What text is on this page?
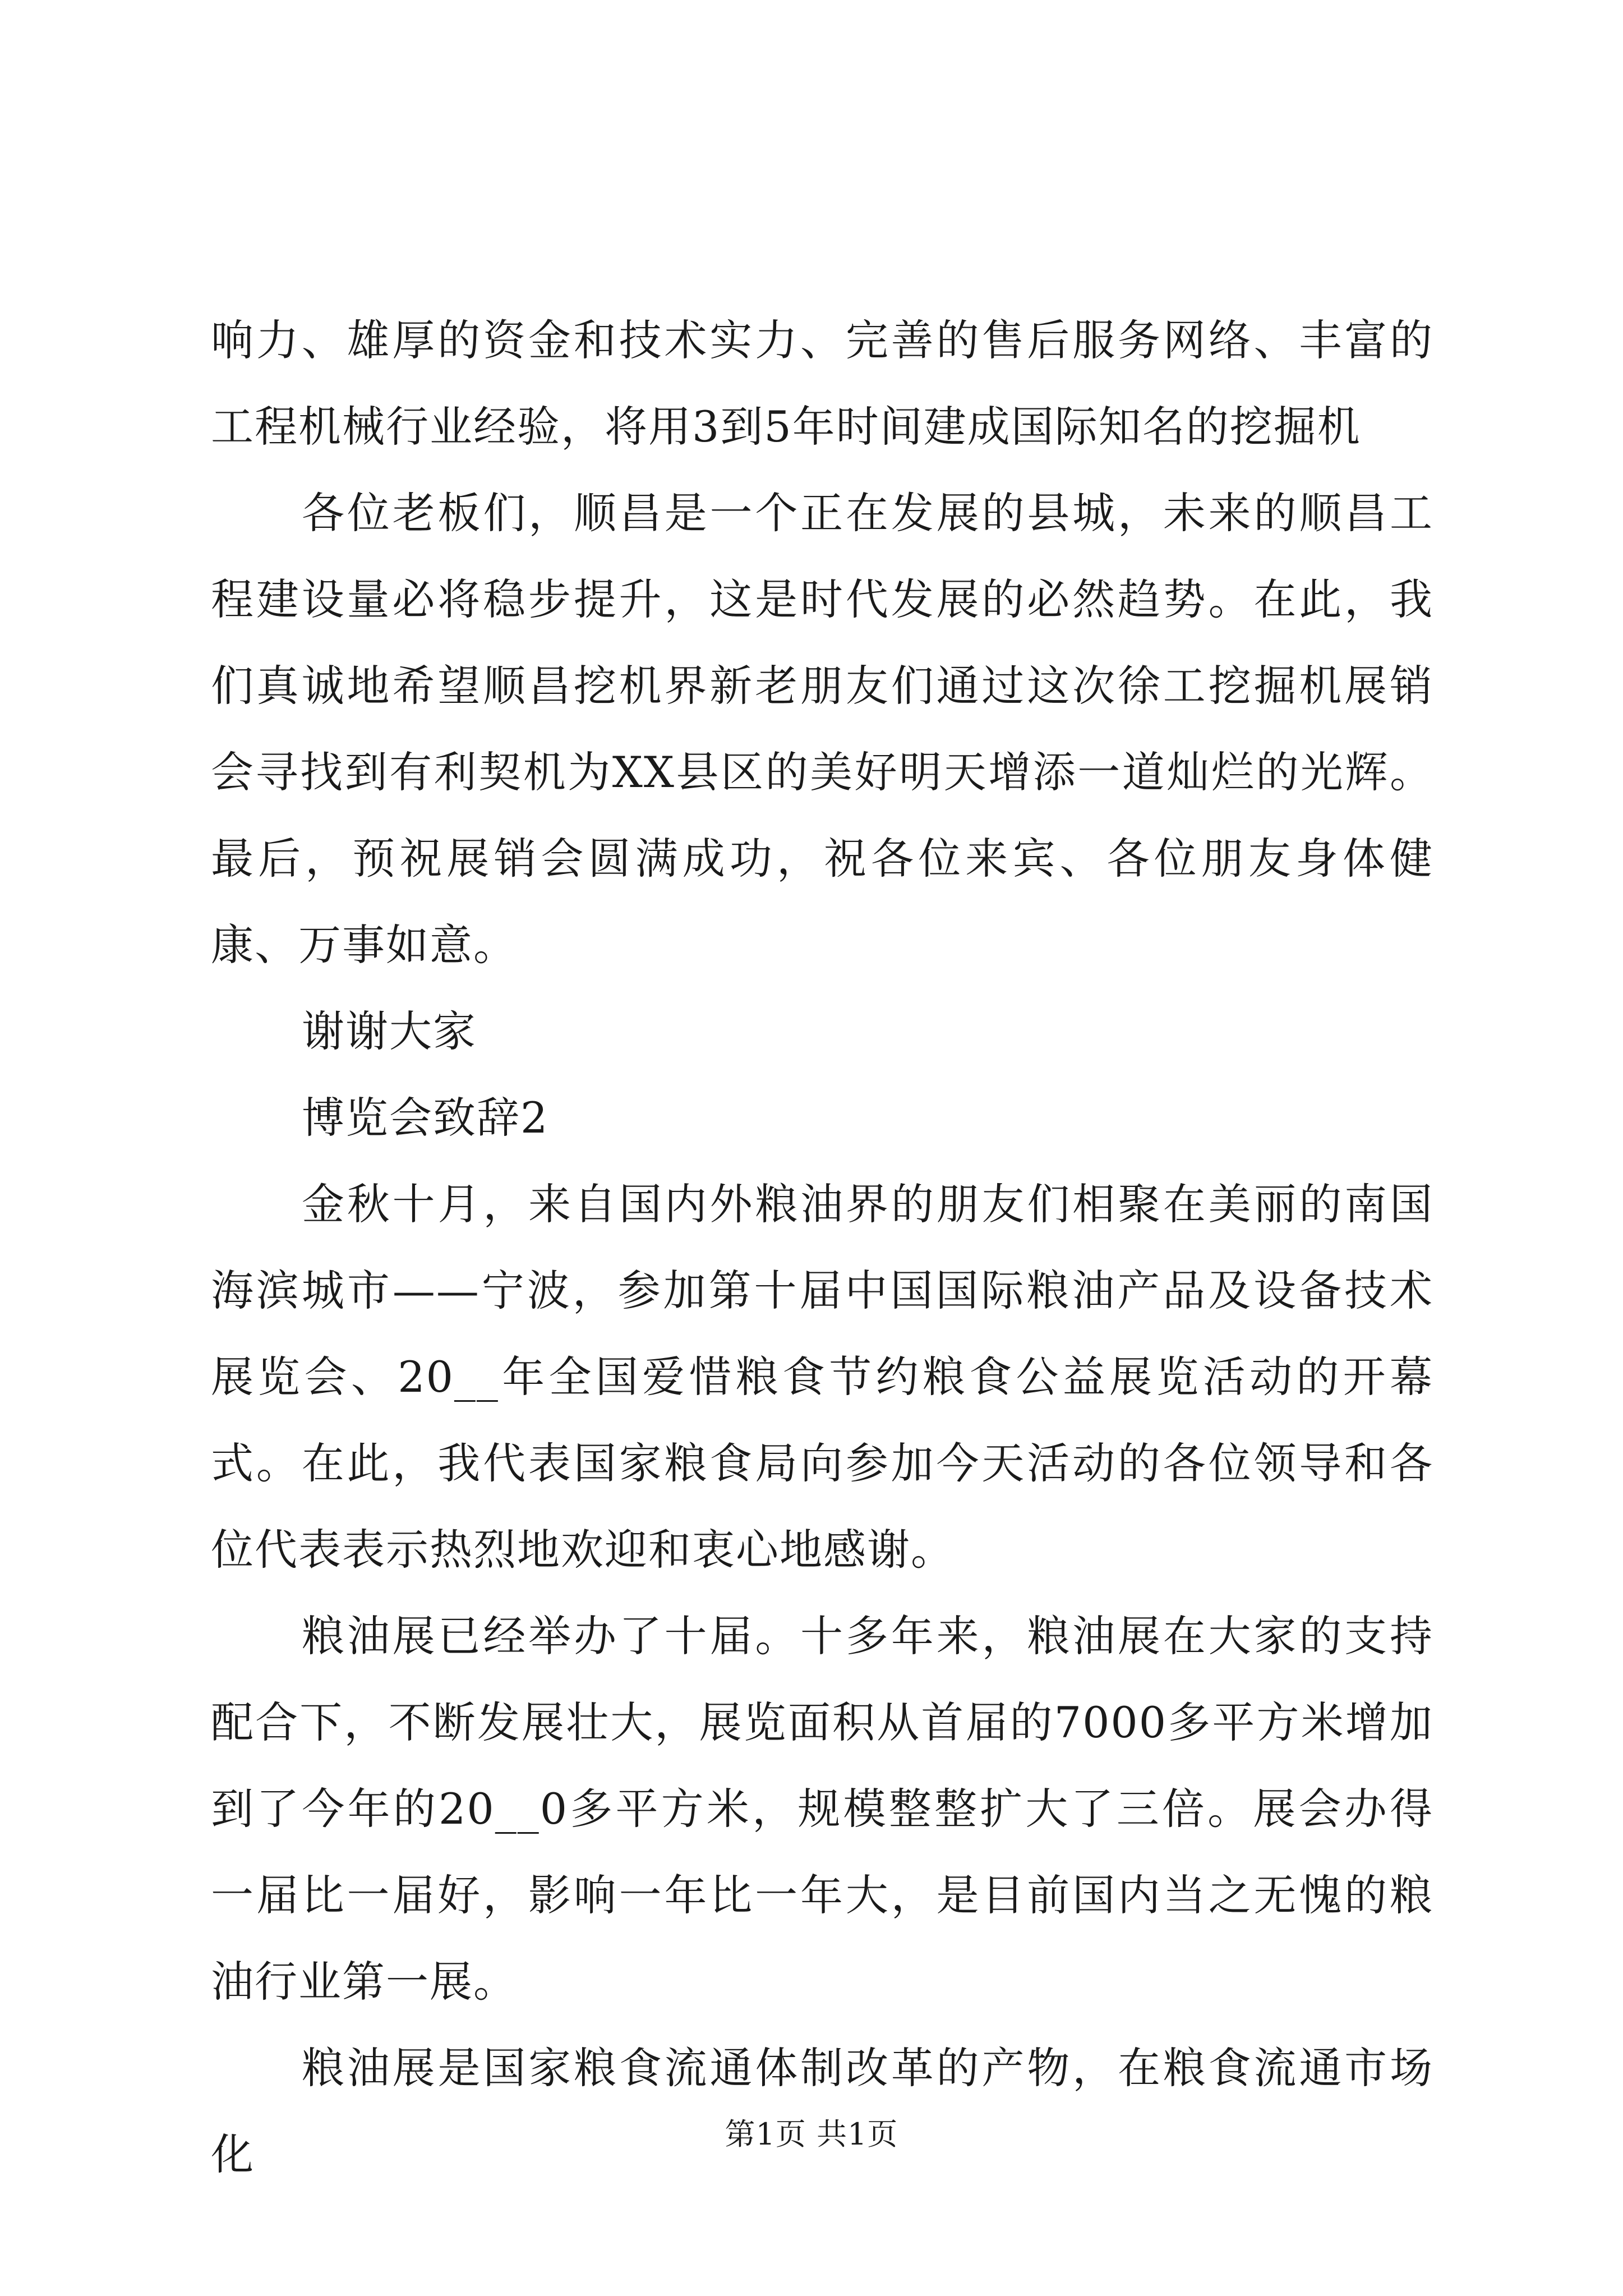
响力、雄厚的资金和技术实力、完善的售后服务网络、丰富的工程机械行业经验，将用3到5年时间建成国际知名的挖掘机

各位老板们，顺昌是一个正在发展的县城，未来的顺昌工程建设量必将稳步提升，这是时代发展的必然趋势。在此，我们真诚地希望顺昌挖机界新老朋友们通过这次徐工挖掘机展销会寻找到有利契机为XX县区的美好明天增添一道灿烂的光辉。最后，预祝展销会圆满成功，祝各位来宾、各位朋友身体健康、万事如意。

谢谢大家

博览会致辞2

金秋十月，来自国内外粮油界的朋友们相聚在美丽的南国海滨城市——宁波，参加第十届中国国际粮油产品及设备技术展览会、20__年全国爱惜粮食节约粮食公益展览活动的开幕式。在此，我代表国家粮食局向参加今天活动的各位领导和各位代表表示热烈地欢迎和衷心地感谢。

粮油展已经举办了十届。十多年来，粮油展在大家的支持配合下，不断发展壮大，展览面积从首届的7000多平方米增加到了今年的20__0多平方米，规模整整扩大了三倍。展会办得一届比一届好，影响一年比一年大，是目前国内当之无愧的粮油行业第一展。

粮油展是国家粮食流通体制改革的产物，在粮食流通市场化	第1页 共1页
